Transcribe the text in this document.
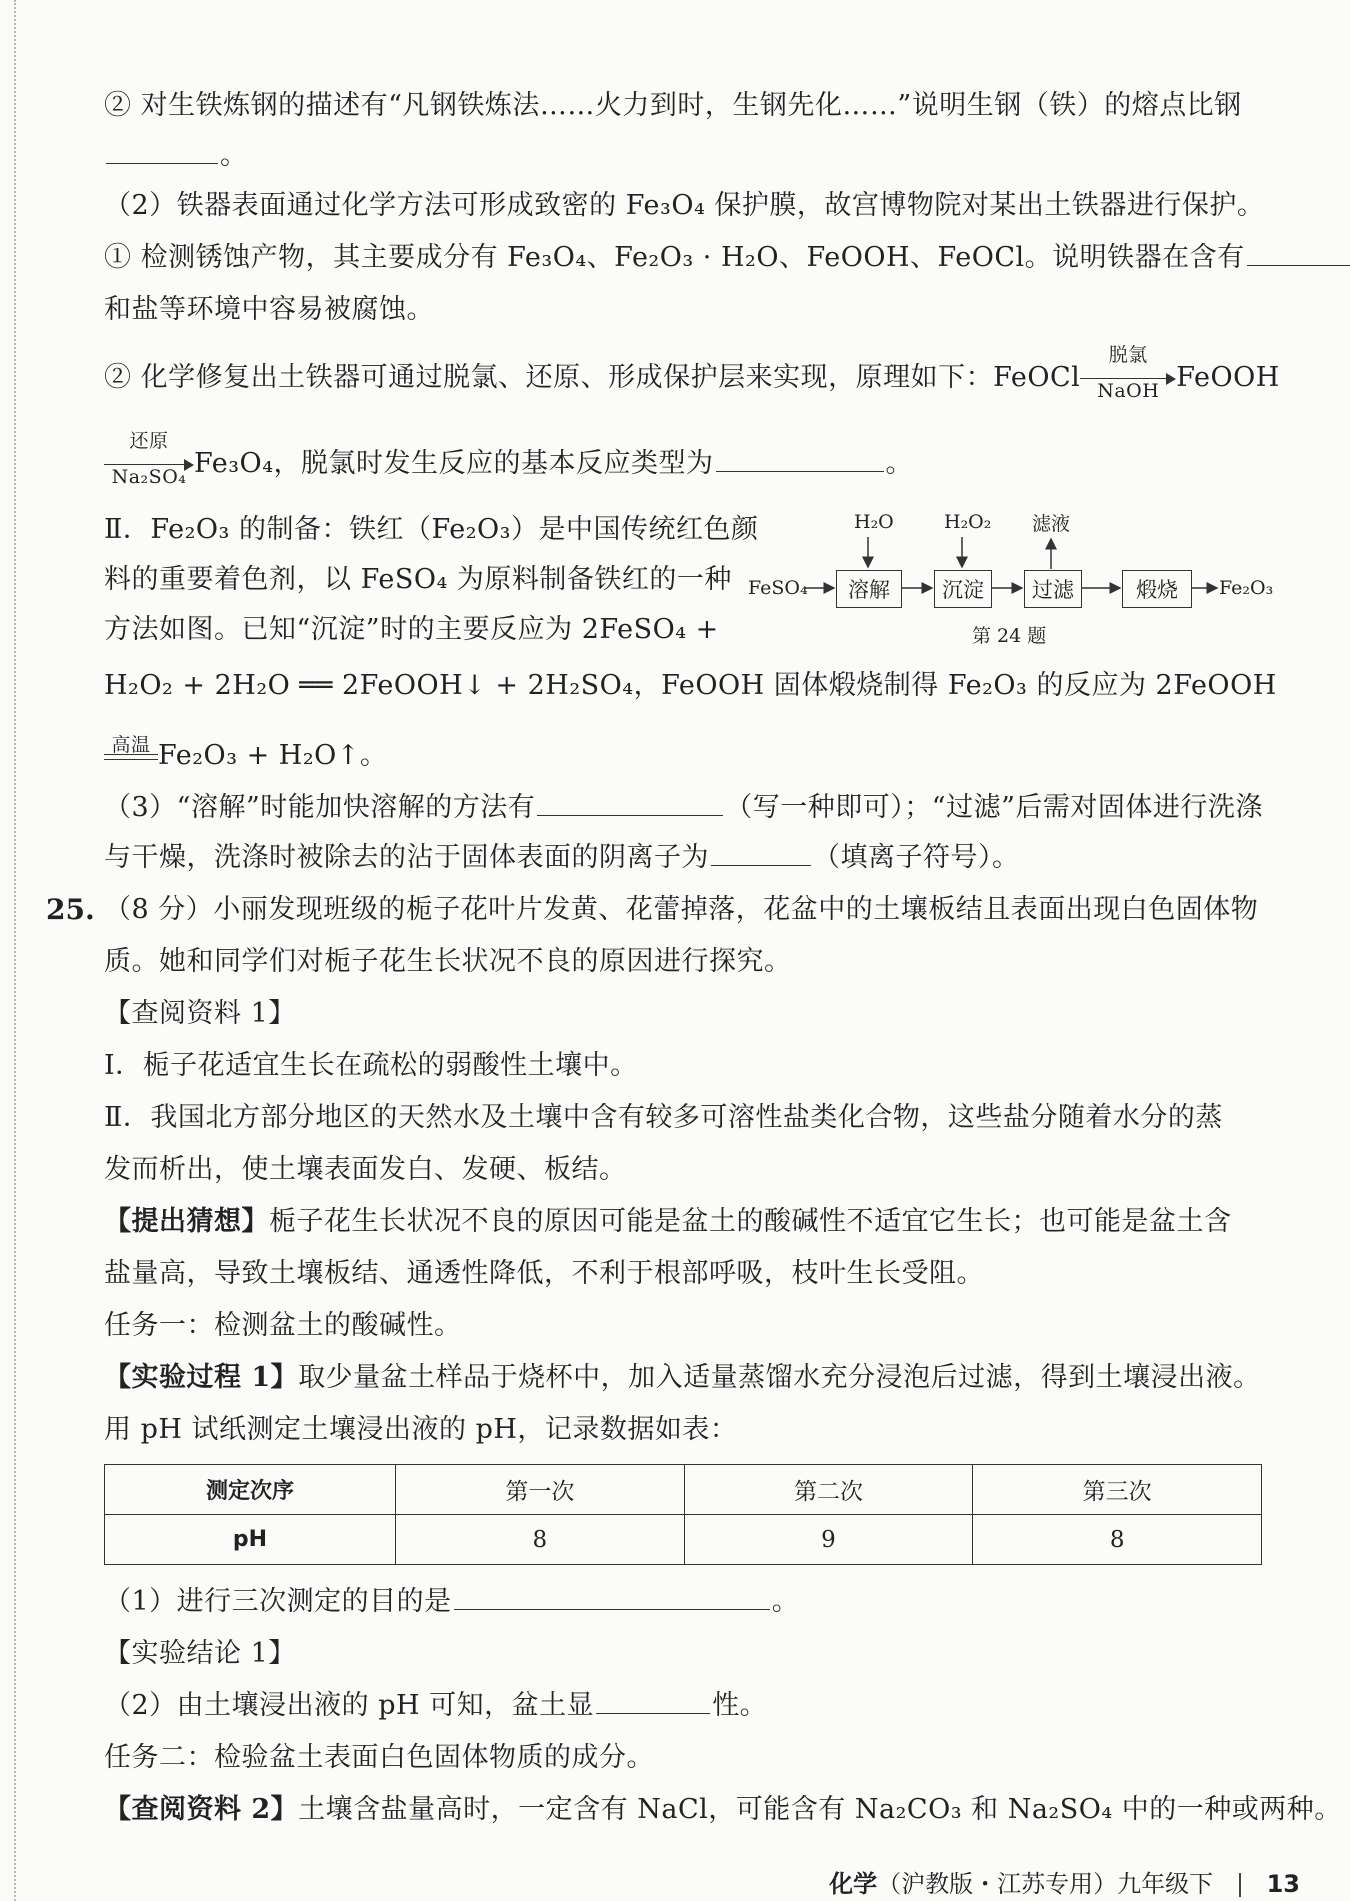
② 对生铁炼钢的描述有“凡钢铁炼法……火力到时，生钢先化……”说明生钢（铁）的熔点比钢
。
（2）铁器表面通过化学方法可形成致密的 Fe₃O₄ 保护膜，故宫博物院对某出土铁器进行保护。
① 检测锈蚀产物，其主要成分有 Fe₃O₄、Fe₂O₃ · H₂O、FeOOH、FeOCl。说明铁器在含有
和盐等环境中容易被腐蚀。
② 化学修复出土铁器可通过脱氯、还原、形成保护层来实现，原理如下：FeOCl
脱氯
NaOH FeOOH
还原
Na₂SO₄ Fe₃O₄，脱氯时发生反应的基本反应类型为	。
Ⅱ．Fe₂O₃ 的制备：铁红（Fe₂O₃）是中国传统红色颜
料的重要着色剂，以 FeSO₄ 为原料制备铁红的一种
方法如图。已知“沉淀”时的主要反应为 2FeSO₄ +
H₂O	H₂O₂ 滤液
FeSO₄	溶解	沉淀	过滤	煅烧	Fe₂O₃
第 24 题
H₂O₂ + 2H₂O ══ 2FeOOH↓ + 2H₂SO₄，FeOOH 固体煅烧制得 Fe₂O₃ 的反应为 2FeOOH
高温 Fe₂O₃ + H₂O↑。
（3）“溶解”时能加快溶解的方法有	（写一种即可）；“过滤”后需对固体进行洗涤
与干燥，洗涤时被除去的沾于固体表面的阴离子为	（填离子符号）。
25. （8 分）小丽发现班级的栀子花叶片发黄、花蕾掉落，花盆中的土壤板结且表面出现白色固体物
质。她和同学们对栀子花生长状况不良的原因进行探究。
【查阅资料 1】
Ⅰ．栀子花适宜生长在疏松的弱酸性土壤中。
Ⅱ．我国北方部分地区的天然水及土壤中含有较多可溶性盐类化合物，这些盐分随着水分的蒸
发而析出，使土壤表面发白、发硬、板结。
【提出猜想】栀子花生长状况不良的原因可能是盆土的酸碱性不适宜它生长；也可能是盆土含
盐量高，导致土壤板结、通透性降低，不利于根部呼吸，枝叶生长受阻。
任务一：检测盆土的酸碱性。
【实验过程 1】取少量盆土样品于烧杯中，加入适量蒸馏水充分浸泡后过滤，得到土壤浸出液。
用 pH 试纸测定土壤浸出液的 pH，记录数据如表：
测定次序	第一次	第二次	第三次
pH	8	9	8
（1）进行三次测定的目的是	。
【实验结论 1】
（2）由土壤浸出液的 pH 可知，盆土显	性。
任务二：检验盆土表面白色固体物质的成分。
【查阅资料 2】土壤含盐量高时，一定含有 NaCl，可能含有 Na₂CO₃ 和 Na₂SO₄ 中的一种或两种。
化学（沪教版・江苏专用）九年级下 13
